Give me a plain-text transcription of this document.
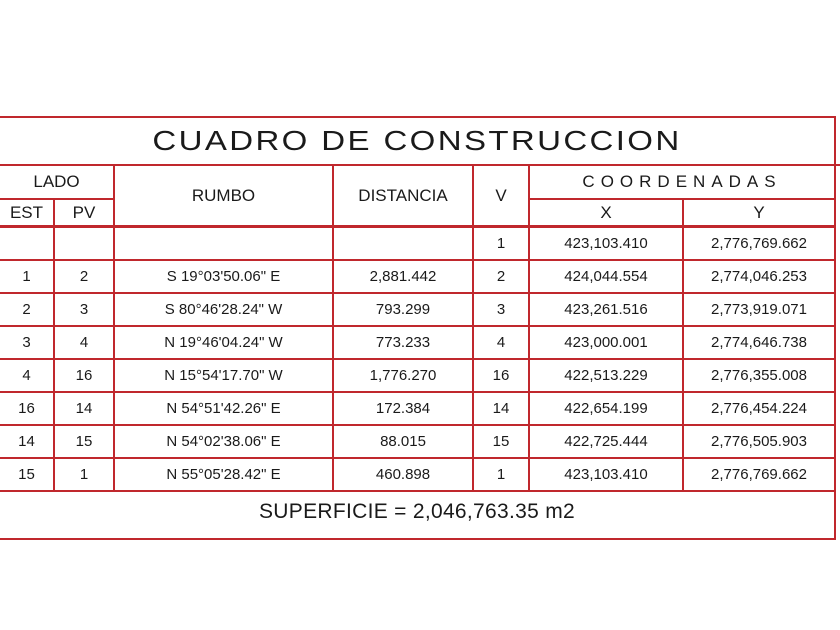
CUADRO DE CONSTRUCCION
LADO		RUMBO	DISTANCIA	V	COORDENADAS	
EST	PV				X	Y
				1	423,103.410	2,776,769.662
1	2	S 19°03'50.06" E	2,881.442	2	424,044.554	2,774,046.253
2	3	S 80°46'28.24" W	793.299	3	423,261.516	2,773,919.071
3	4	N 19°46'04.24" W	773.233	4	423,000.001	2,774,646.738
4	16	N 15°54'17.70" W	1,776.270	16	422,513.229	2,776,355.008
16	14	N 54°51'42.26" E	172.384	14	422,654.199	2,776,454.224
14	15	N 54°02'38.06" E	88.015	15	422,725.444	2,776,505.903
15	1	N 55°05'28.42" E	460.898	1	423,103.410	2,776,769.662
SUPERFICIE = 2,046,763.35 m2
